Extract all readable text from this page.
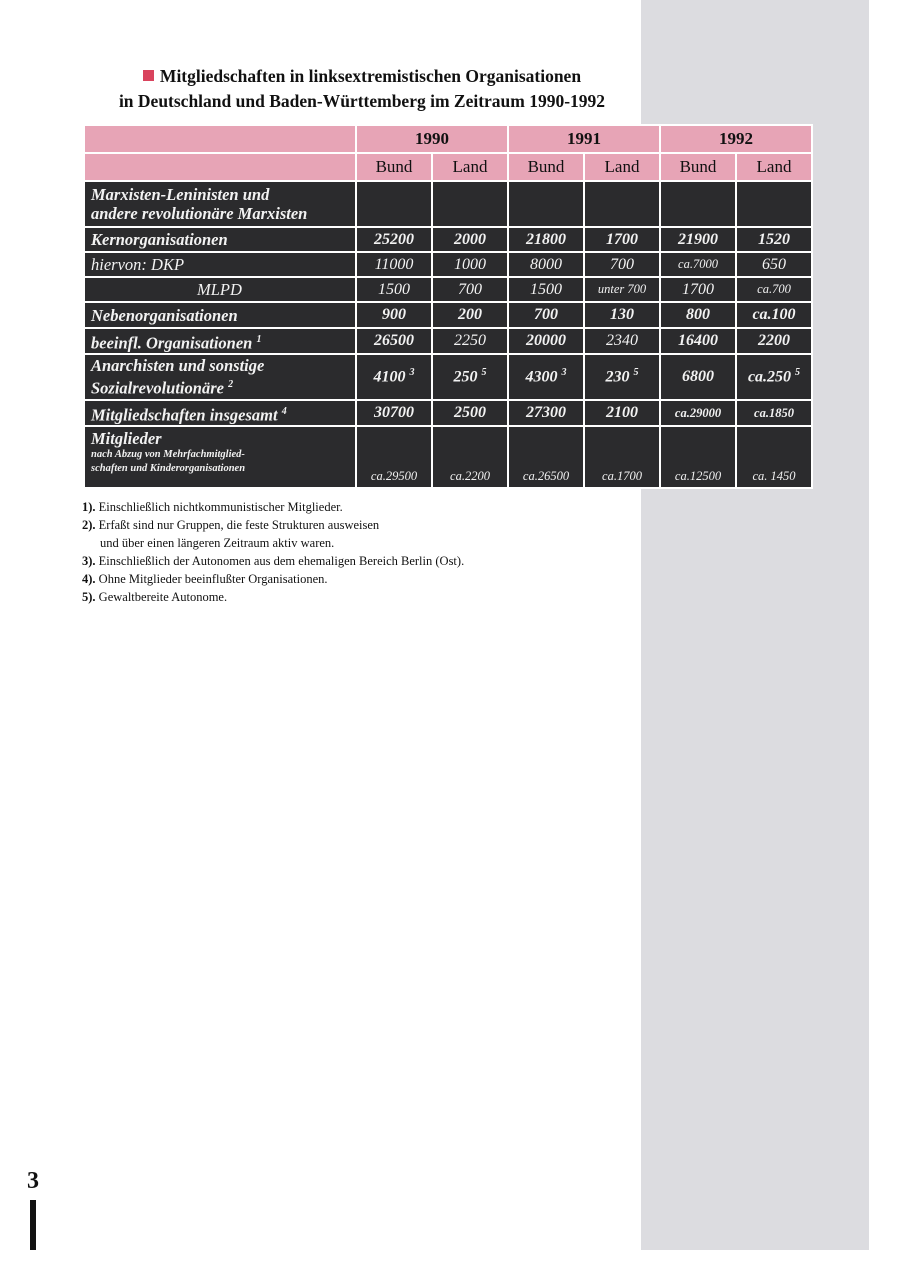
Mitgliedschaften in linksextremistischen Organisationen
in Deutschland und Baden-Württemberg im Zeitraum 1990-1992
	1990		1991		1992	
	Bund	Land	Bund	Land	Bund	Land
Marxisten-Leninisten und
andere revolutionäre Marxisten						
Kernorganisationen	25200	2000	21800	1700	21900	1520
hiervon: DKP	11000	1000	8000	700	ca.7000	650
MLPD	1500	700	1500	unter 700	1700	ca.700
Nebenorganisationen	900	200	700	130	800	ca.100
beeinfl. Organisationen $^1$	26500	2250	20000	2340	16400	2200
Anarchisten und sonstige
Sozialrevolutionäre $^2$	4100 $^3$	250 $^5$	4300 $^3$	230 $^5$	6800	ca.250 $^5$
Mitgliedschaften insgesamt $^4$	30700	2500	27300	2100	ca.29000	ca.1850
Mitglieder
nach Abzug von Mehrfachmitglied-
schaften und Kinderorganisationen	ca.29500	ca.2200	ca.26500	ca.1700	ca.12500	ca. 1450
1). Einschließlich nichtkommunistischer Mitglieder.
2). Erfaßt sind nur Gruppen, die feste Strukturen ausweisen
und über einen längeren Zeitraum aktiv waren.
3). Einschließlich der Autonomen aus dem ehemaligen Bereich Berlin (Ost).
4). Ohne Mitglieder beeinflußter Organisationen.
5). Gewaltbereite Autonome.
3
